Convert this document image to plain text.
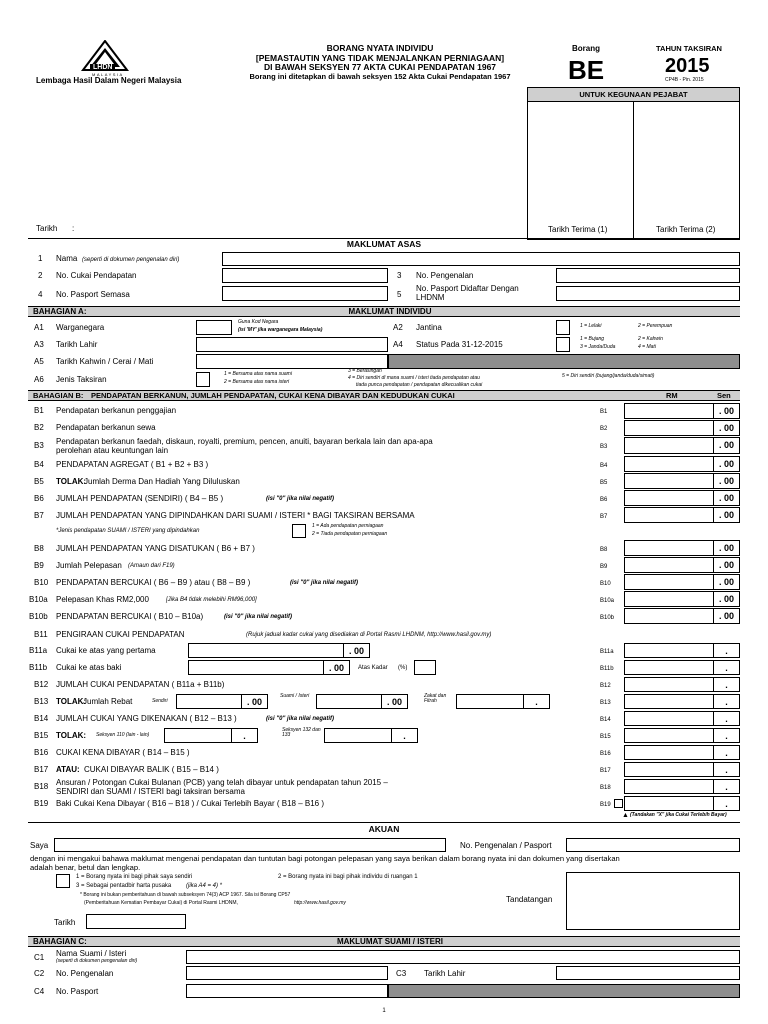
LHDN
MALAYSIA
Lembaga Hasil Dalam Negeri Malaysia
BORANG NYATA INDIVIDU
[PEMASTAUTIN YANG TIDAK MENJALANKAN PERNIAGAAN]
DI BAWAH SEKSYEN 77 AKTA CUKAI PENDAPATAN 1967
Borang ini ditetapkan di bawah seksyen 152 Akta Cukai Pendapatan 1967
Borang
BE
TAHUN TAKSIRAN
2015
CP4B - Pin. 2015
UNTUK KEGUNAAN PEJABAT
Tarikh Terima (1)	Tarikh Terima (2)
Tarikh :
MAKLUMAT ASAS
1 Nama (seperti di dokumen pengenalan diri)
2 No. Cukai Pendapatan	3 No. Pengenalan
4 No. Pasport Semasa	5
No. Pasport Didaftar Dengan
LHDNM
BAHAGIAN A:	MAKLUMAT INDIVIDU
A1 Warganegara
Guna Kod Negara
(isi 'MY' jika warganegara Malaysia)	A2 Jantina	1 = Lelaki	2 = Perempuan
A3 Tarikh Lahir	A4 Status Pada 31-12-2015
1 = Bujang	2 = Kahwin
3 = Janda/Duda	4 = Mati
A5 Tarikh Kahwin / Cerai / Mati
A6 Jenis Taksiran
1 = Bersama atas nama suami
2 = Bersama atas nama isteri
3 = Berasingan
4 = Diri sendiri di mana suami / isteri tiada pendapatan atau
tiada punca pendapatan / pendapatan dikecualikan cukai
5 = Diri sendiri (bujang/janda/duda/simati)
BAHAGIAN B: PENDAPATAN BERKANUN, JUMLAH PENDAPATAN, CUKAI KENA DIBAYAR DAN KEDUDUKAN CUKAI	RM	Sen
B1 Pendapatan berkanun penggajian	B1	. 00
B2 Pendapatan berkanun sewa	B2	. 00
B3 Pendapatan berkanun faedah, diskaun, royalti, premium, pencen, anuiti, bayaran berkala lain dan apa-apa
perolehan atau keuntungan lain	B3	. 00
B4 PENDAPATAN AGREGAT ( B1 + B2 + B3 )	B4	. 00
B5 TOLAK:
Jumlah Derma Dan Hadiah Yang Diluluskan	B5	. 00
B6 JUMLAH PENDAPATAN (SENDIRI) ( B4 – B5 )	(isi "0" jika nilai negatif)	B6	. 00
B7 JUMLAH PENDAPATAN YANG DIPINDAHKAN DARI SUAMI / ISTERI * BAGI TAKSIRAN BERSAMA	B7	. 00
*Jenis pendapatan SUAMI / ISTERI yang dipindahkan
1 = Ada pendapatan perniagaan
2 = Tiada pendapatan perniagaan
B8 JUMLAH PENDAPATAN YANG DISATUKAN ( B6 + B7 )	B8	. 00
B9 Jumlah Pelepasan (Amaun dari F19)	B9	. 00
B10 PENDAPATAN BERCUKAI ( B6 – B9 ) atau ( B8 – B9 )	(isi "0" jika nilai negatif)	B10	. 00
B10a Pelepasan Khas RM2,000	[Jika B4 tidak melebihi RM96,000]	B10a	. 00
B10b PENDAPATAN BERCUKAI ( B10 – B10a)	(isi "0" jika nilai negatif)	B10b	. 00
B11 PENGIRAAN CUKAI PENDAPATAN	(Rujuk jadual kadar cukai yang disediakan di Portal Rasmi LHDNM, http://www.hasil.gov.my)
B11a Cukai ke atas yang pertama	. 00	B11a	.
B11b Cukai ke atas baki	. 00	Atas Kadar (%)	B11b	.
B12 JUMLAH CUKAI PENDAPATAN ( B11a + B11b)	B12	.
B13 TOLAK:
Jumlah Rebat	Sendiri	. 00
Suami / Isteri
. 00
Zakat dan Fitrah	.	B13	.
B14 JUMLAH CUKAI YANG DIKENAKAN ( B12 – B13 )	(isi "0" jika nilai negatif)	B14	.
B15 TOLAK: Seksyen 110 (lain - lain)	.
Seksyen 132 dan 133	.	B15	.
B16 CUKAI KENA DIBAYAR ( B14 – B15 )	B16	.
B17 ATAU: CUKAI DIBAYAR BALIK ( B15 – B14 )	B17	.
B18 Ansuran / Potongan Cukai Bulanan (PCB) yang telah dibayar untuk pendapatan tahun 2015 –
SENDIRI dan SUAMI / ISTERI bagi taksiran bersama	B18	.
B19 Baki Cukai Kena Dibayar ( B16 – B18 ) / Cukai Terlebih Bayar ( B18 – B16 )	B19	.
(Tandakan "X" jika Cukai Terlebih Bayar)
▲
AKUAN
Saya	No. Pengenalan / Pasport
dengan ini mengakui bahawa maklumat mengenai pendapatan dan tuntutan bagi potongan pelepasan yang saya berikan dalam borang nyata ini dan dokumen yang disertakan
adalah benar, betul dan lengkap.
1 = Borang nyata ini bagi pihak saya sendiri	2 = Borang nyata ini bagi pihak individu di ruangan 1
3 = Sebagai pentadbir harta pusaka (jika A4 = 4) *
* Borang ini bukan pemberitahuan di bawah subseksyen 74(3) ACP 1967. Sila isi Borang CP57
(Pemberitahuan Kematian Pembayar Cukai) di Portal Rasmi LHDNM,	http://www.hasil.gov.my	Tandatangan
Tarikh
BAHAGIAN C:	MAKLUMAT SUAMI / ISTERI
C1 Nama Suami / Isteri
(seperti di dokumen pengenalan diri)
C2 No. Pengenalan	C3 Tarikh Lahir
C4 No. Pasport
1
